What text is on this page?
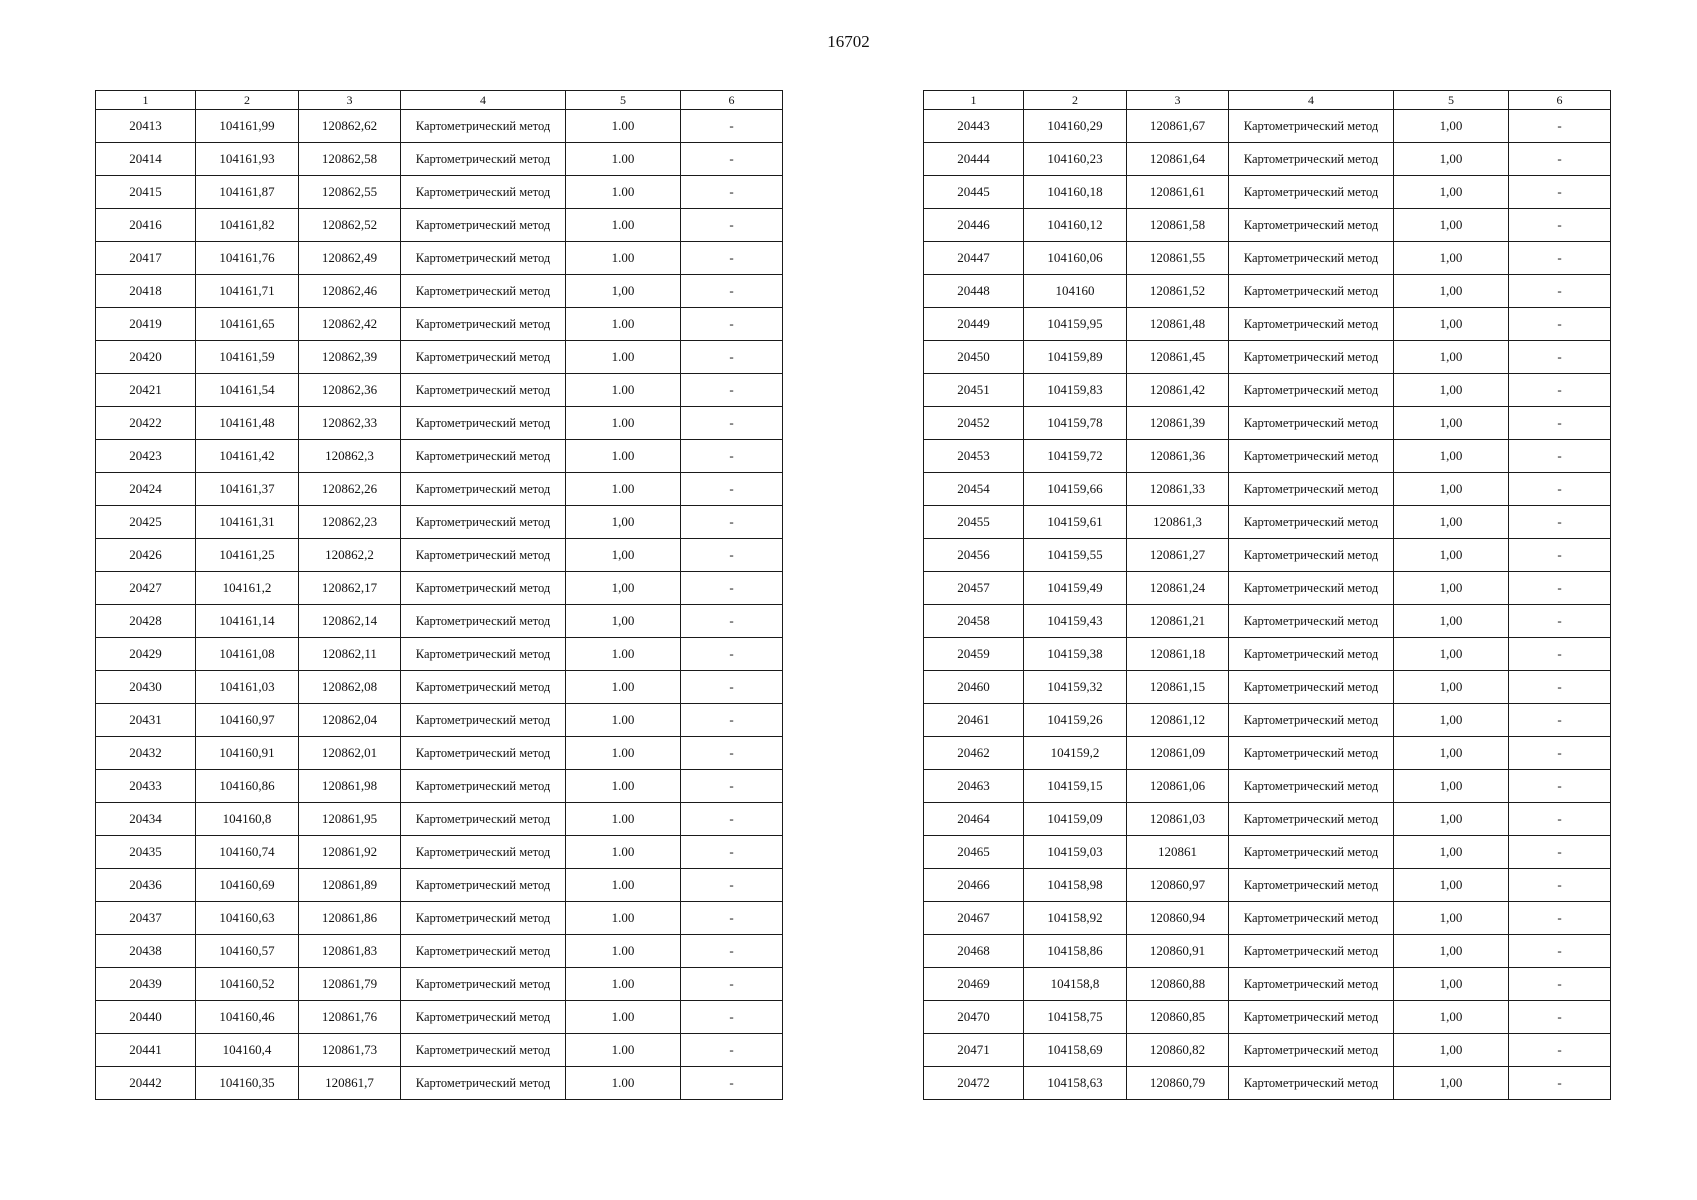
16702
1	2	3	4	5	6
20413	104161,99	120862,62	Картометрический метод	1.00	-
20414	104161,93	120862,58	Картометрический метод	1.00	-
20415	104161,87	120862,55	Картометрический метод	1.00	-
20416	104161,82	120862,52	Картометрический метод	1.00	-
20417	104161,76	120862,49	Картометрический метод	1.00	-
20418	104161,71	120862,46	Картометрический метод	1,00	-
20419	104161,65	120862,42	Картометрический метод	1.00	-
20420	104161,59	120862,39	Картометрический метод	1.00	-
20421	104161,54	120862,36	Картометрический метод	1.00	-
20422	104161,48	120862,33	Картометрический метод	1.00	-
20423	104161,42	120862,3	Картометрический метод	1.00	-
20424	104161,37	120862,26	Картометрический метод	1.00	-
20425	104161,31	120862,23	Картометрический метод	1,00	-
20426	104161,25	120862,2	Картометрический метод	1,00	-
20427	104161,2	120862,17	Картометрический метод	1,00	-
20428	104161,14	120862,14	Картометрический метод	1,00	-
20429	104161,08	120862,11	Картометрический метод	1.00	-
20430	104161,03	120862,08	Картометрический метод	1.00	-
20431	104160,97	120862,04	Картометрический метод	1.00	-
20432	104160,91	120862,01	Картометрический метод	1.00	-
20433	104160,86	120861,98	Картометрический метод	1.00	-
20434	104160,8	120861,95	Картометрический метод	1.00	-
20435	104160,74	120861,92	Картометрический метод	1.00	-
20436	104160,69	120861,89	Картометрический метод	1.00	-
20437	104160,63	120861,86	Картометрический метод	1.00	-
20438	104160,57	120861,83	Картометрический метод	1.00	-
20439	104160,52	120861,79	Картометрический метод	1.00	-
20440	104160,46	120861,76	Картометрический метод	1.00	-
20441	104160,4	120861,73	Картометрический метод	1.00	-
20442	104160,35	120861,7	Картометрический метод	1.00	-
1	2	3	4	5	6
20443	104160,29	120861,67	Картометрический метод	1,00	-
20444	104160,23	120861,64	Картометрический метод	1,00	-
20445	104160,18	120861,61	Картометрический метод	1,00	-
20446	104160,12	120861,58	Картометрический метод	1,00	-
20447	104160,06	120861,55	Картометрический метод	1,00	-
20448	104160	120861,52	Картометрический метод	1,00	-
20449	104159,95	120861,48	Картометрический метод	1,00	-
20450	104159,89	120861,45	Картометрический метод	1,00	-
20451	104159,83	120861,42	Картометрический метод	1,00	-
20452	104159,78	120861,39	Картометрический метод	1,00	-
20453	104159,72	120861,36	Картометрический метод	1,00	-
20454	104159,66	120861,33	Картометрический метод	1,00	-
20455	104159,61	120861,3	Картометрический метод	1,00	-
20456	104159,55	120861,27	Картометрический метод	1,00	-
20457	104159,49	120861,24	Картометрический метод	1,00	-
20458	104159,43	120861,21	Картометрический метод	1,00	-
20459	104159,38	120861,18	Картометрический метод	1,00	-
20460	104159,32	120861,15	Картометрический метод	1,00	-
20461	104159,26	120861,12	Картометрический метод	1,00	-
20462	104159,2	120861,09	Картометрический метод	1,00	-
20463	104159,15	120861,06	Картометрический метод	1,00	-
20464	104159,09	120861,03	Картометрический метод	1,00	-
20465	104159,03	120861	Картометрический метод	1,00	-
20466	104158,98	120860,97	Картометрический метод	1,00	-
20467	104158,92	120860,94	Картометрический метод	1,00	-
20468	104158,86	120860,91	Картометрический метод	1,00	-
20469	104158,8	120860,88	Картометрический метод	1,00	-
20470	104158,75	120860,85	Картометрический метод	1,00	-
20471	104158,69	120860,82	Картометрический метод	1,00	-
20472	104158,63	120860,79	Картометрический метод	1,00	-
